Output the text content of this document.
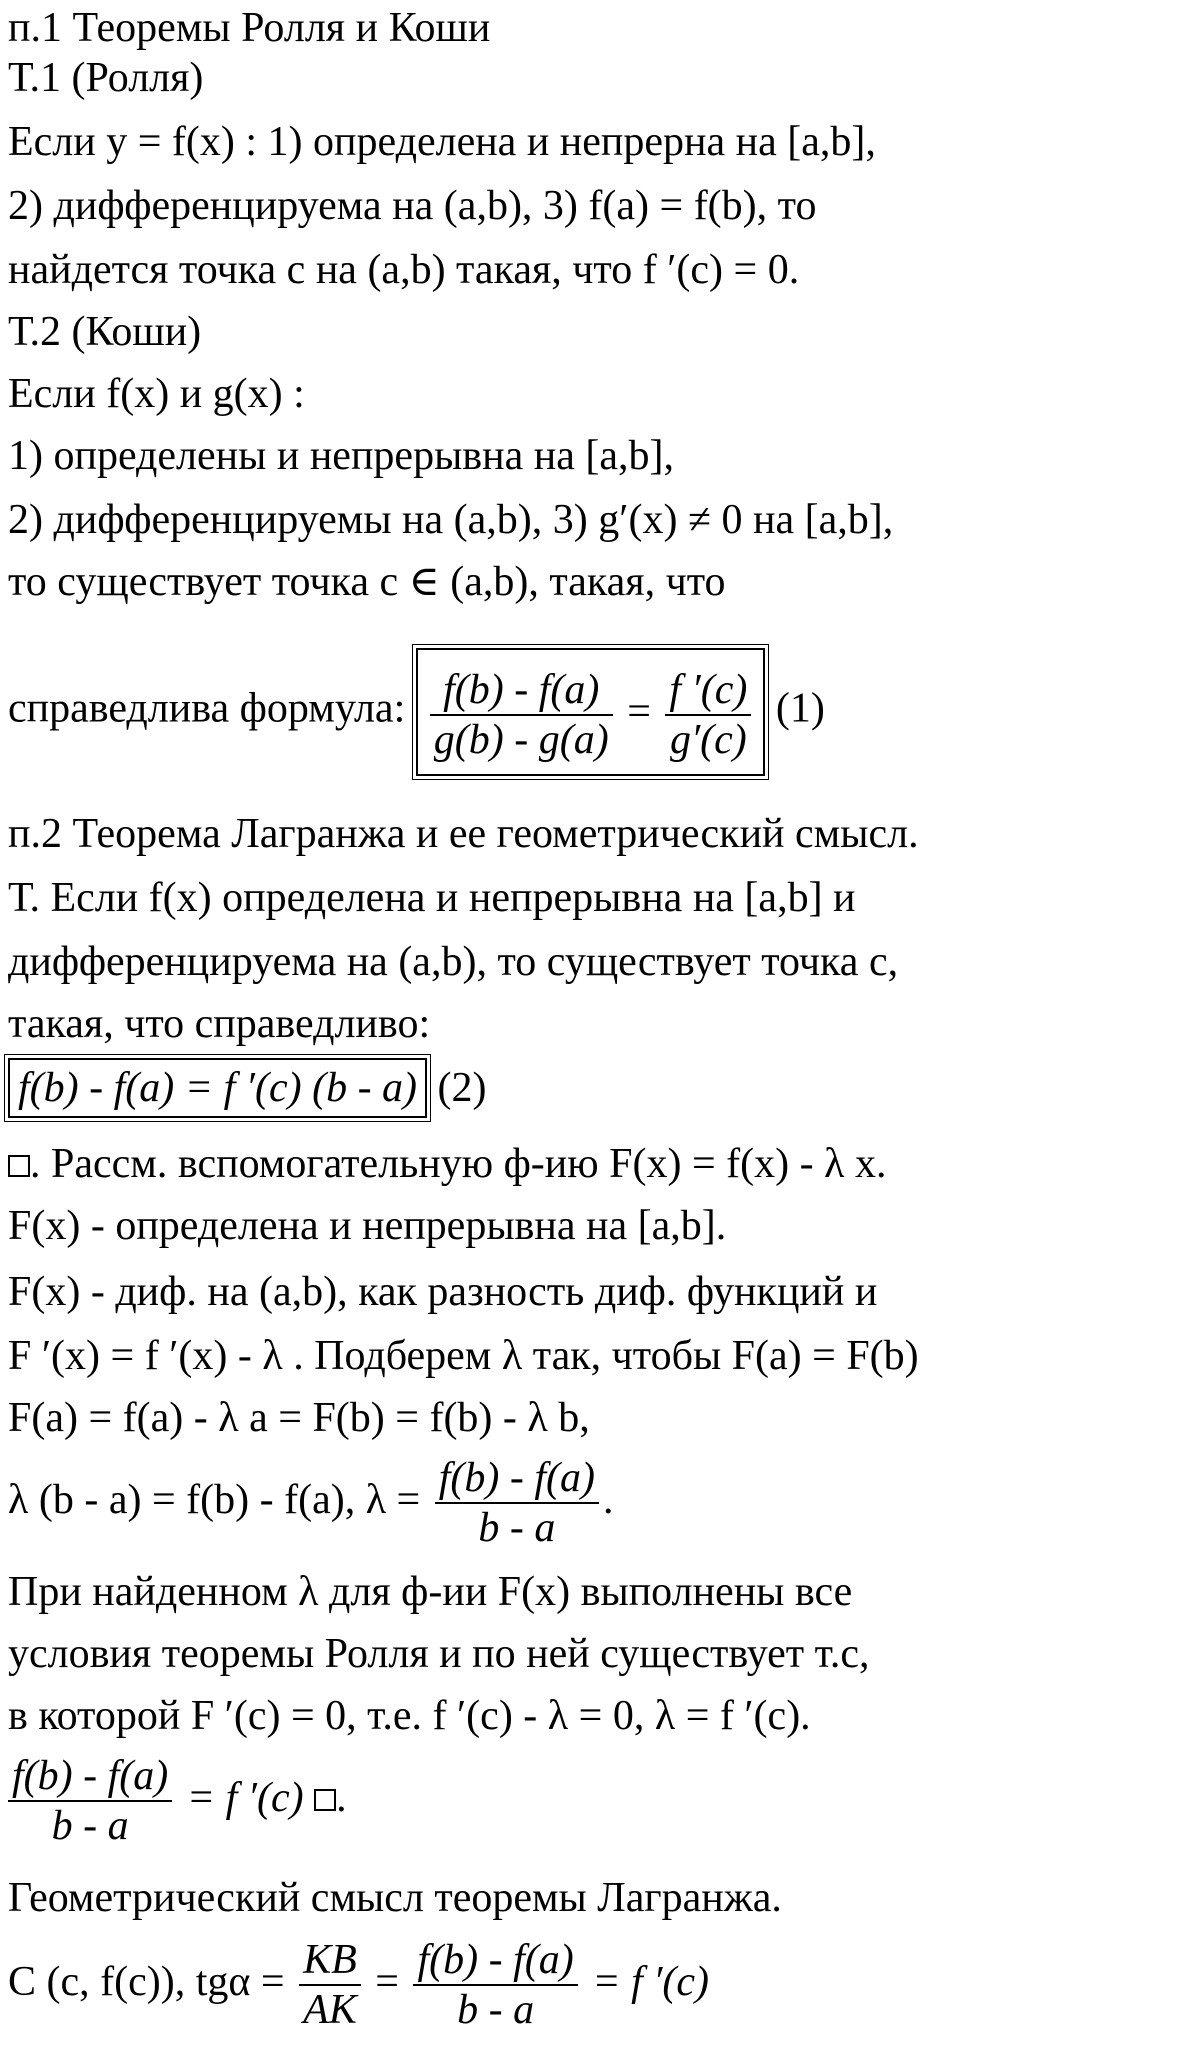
п.1 Теоремы Ролля и Коши
Т.1 (Ролля)
Если y = f(x) : 1) определена и непрерна на [a,b],
2) дифференцируема на (a,b), 3) f(a) = f(b), то
найдется точка с на (a,b) такая, что f ′(c) = 0.
Т.2 (Коши)
Если f(x) и g(x) :
1) определены и непрерывна на [a,b],
2) дифференцируемы на (a,b), 3) g′(x) ≠ 0 на [a,b],
то существует точка c ∈ (a,b), такая, что
справедлива формула: $\frac{f(b) - f(a)}{g(b) - g(a)} = \frac{f '(c)}{g'(c)} (1)$
п.2 Теорема Лагранжа и ее геометрический смысл.
Т. Если f(x) определена и непрерывна на [a,b] и
дифференцируема на (a,b), то существует точка c,
такая, что справедливо:
f(b) - f(a) = f ′(c) (b - a) (2)
. Рассм. вспомогательную ф-ию F(x) = f(x) - λ x.
F(x) - определена и непрерывна на [a,b].
F(x) - диф. на (a,b), как разность диф. функций и
F ′(x) = f ′(x) - λ . Подберем λ так, чтобы F(a) = F(b)
F(a) = f(a) - λ a = F(b) = f(b) - λ b,
λ (b - a) = f(b) - f(a), $\lambda = \frac{f(b) - f(a)}{b - a}$ .
При найденном λ для ф-ии F(x) выполнены все
условия теоремы Ролля и по ней существует т.c,
в которой F ′(c) = 0, т.е. f ′(c) - λ = 0, λ = f ′(c).
$\frac{f(b) - f(a)}{b - a} = f$ ′(c) .
Геометрический смысл теоремы Лагранжа.
C (c, f(c)), $tg\alpha = \frac{KB}{AK} = \frac{f(b) - f(a)}{b - a} = f$ ′(c)
